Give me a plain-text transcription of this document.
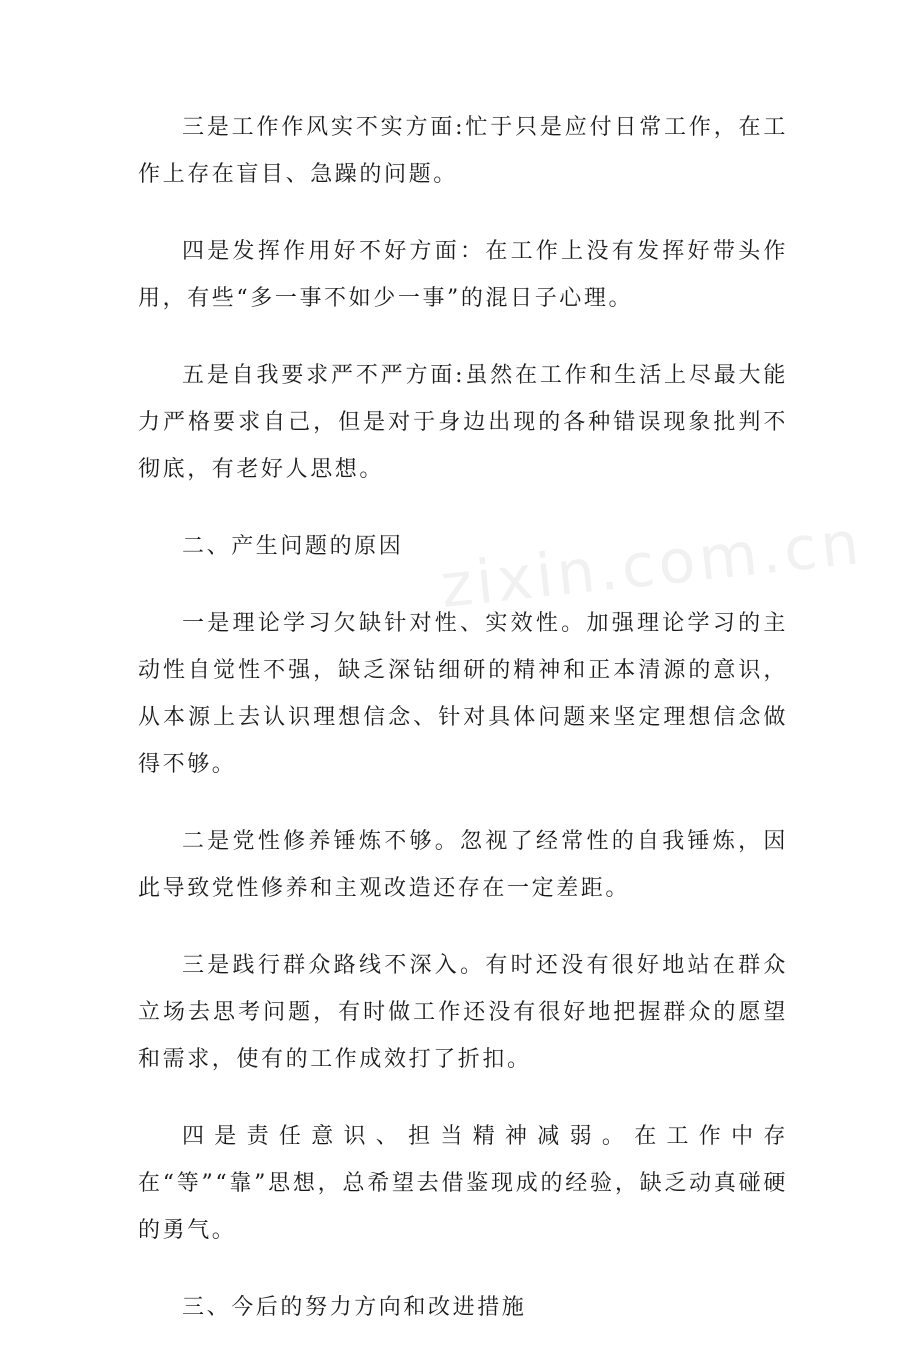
三是工作作风实不实方面:忙于只是应付日常工作，在工作上存在盲目、急躁的问题。

四是发挥作用好不好方面：在工作上没有发挥好带头作用，有些“多一事不如少一事”的混日子心理。

五是自我要求严不严方面:虽然在工作和生活上尽最大能力严格要求自己，但是对于身边出现的各种错误现象批判不彻底，有老好人思想。

二、产生问题的原因

一是理论学习欠缺针对性、实效性。加强理论学习的主动性自觉性不强，缺乏深钻细研的精神和正本清源的意识，从本源上去认识理想信念、针对具体问题来坚定理想信念做得不够。

二是党性修养锤炼不够。忽视了经常性的自我锤炼，因此导致党性修养和主观改造还存在一定差距。

三是践行群众路线不深入。有时还没有很好地站在群众立场去思考问题，有时做工作还没有很好地把握群众的愿望和需求，使有的工作成效打了折扣。

四是责任意识、担当精神减弱。在工作中存在“等”“靠”思想，总希望去借鉴现成的经验，缺乏动真碰硬的勇气。

三、今后的努力方向和改进措施

zixin.com.cn
